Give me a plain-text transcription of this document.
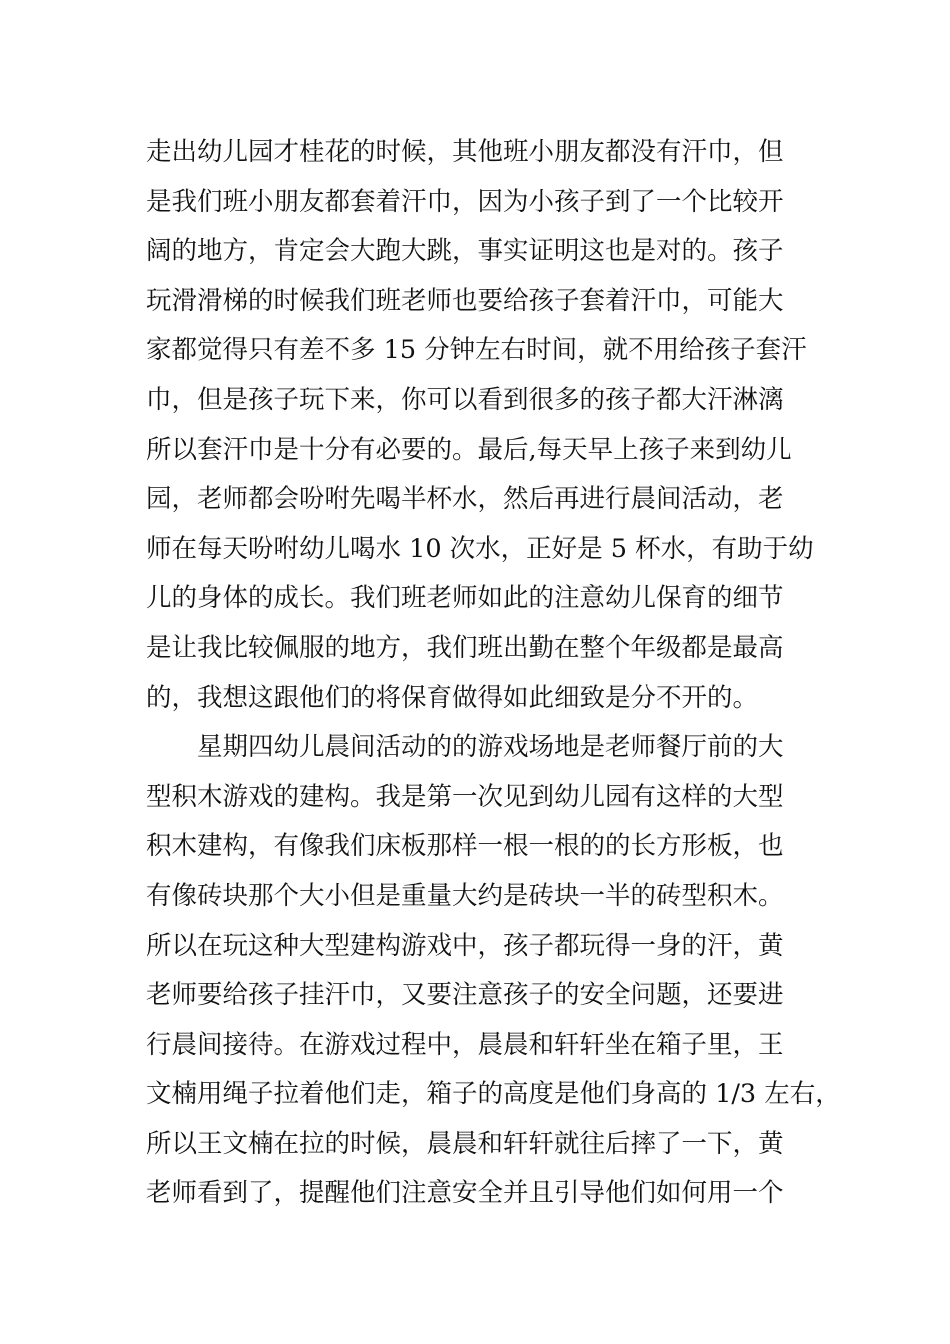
走出幼儿园才桂花的时候，其他班小朋友都没有汗巾，但
是我们班小朋友都套着汗巾，因为小孩子到了一个比较开
阔的地方，肯定会大跑大跳，事实证明这也是对的。孩子
玩滑滑梯的时候我们班老师也要给孩子套着汗巾，可能大
家都觉得只有差不多 15 分钟左右时间，就不用给孩子套汗
巾，但是孩子玩下来，你可以看到很多的孩子都大汗淋漓
所以套汗巾是十分有必要的。最后,每天早上孩子来到幼儿
园，老师都会吩咐先喝半杯水，然后再进行晨间活动，老
师在每天吩咐幼儿喝水 10 次水，正好是 5 杯水，有助于幼
儿的身体的成长。我们班老师如此的注意幼儿保育的细节
是让我比较佩服的地方，我们班出勤在整个年级都是最高
的，我想这跟他们的将保育做得如此细致是分不开的。
　　星期四幼儿晨间活动的的游戏场地是老师餐厅前的大
型积木游戏的建构。我是第一次见到幼儿园有这样的大型
积木建构，有像我们床板那样一根一根的的长方形板，也
有像砖块那个大小但是重量大约是砖块一半的砖型积木。
所以在玩这种大型建构游戏中，孩子都玩得一身的汗，黄
老师要给孩子挂汗巾，又要注意孩子的安全问题，还要进
行晨间接待。在游戏过程中，晨晨和轩轩坐在箱子里，王
文楠用绳子拉着他们走，箱子的高度是他们身高的 1/3 左右，
所以王文楠在拉的时候，晨晨和轩轩就往后摔了一下，黄
老师看到了，提醒他们注意安全并且引导他们如何用一个
